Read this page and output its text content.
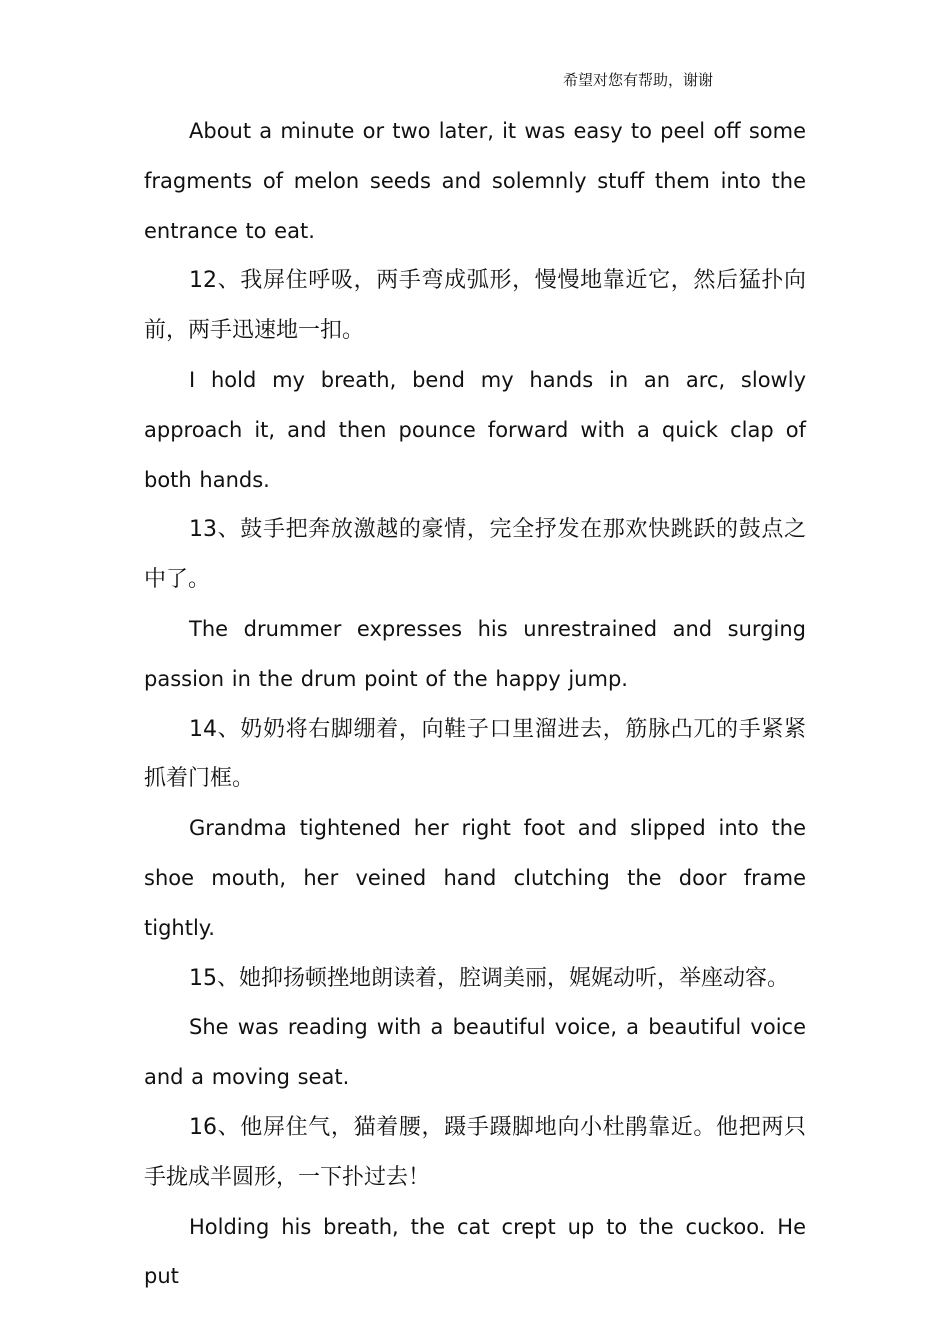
希望对您有帮助，谢谢

About a minute or two later, it was easy to peel off some fragments of melon seeds and solemnly stuff them into the entrance to eat.

12、我屏住呼吸，两手弯成弧形，慢慢地靠近它，然后猛扑向前，两手迅速地一扣。

I hold my breath, bend my hands in an arc, slowly approach it, and then pounce forward with a quick clap of both hands.

13、鼓手把奔放激越的豪情，完全抒发在那欢快跳跃的鼓点之中了。

The drummer expresses his unrestrained and surging passion in the drum point of the happy jump.

14、奶奶将右脚绷着，向鞋子口里溜进去，筋脉凸兀的手紧紧抓着门框。

Grandma tightened her right foot and slipped into the shoe mouth, her veined hand clutching the door frame tightly.

15、她抑扬顿挫地朗读着，腔调美丽，娓娓动听，举座动容。

She was reading with a beautiful voice, a beautiful voice and a moving seat.

16、他屏住气，猫着腰，蹑手蹑脚地向小杜鹃靠近。他把两只手拢成半圆形，一下扑过去！

Holding his breath, the cat crept up to the cuckoo. He put
